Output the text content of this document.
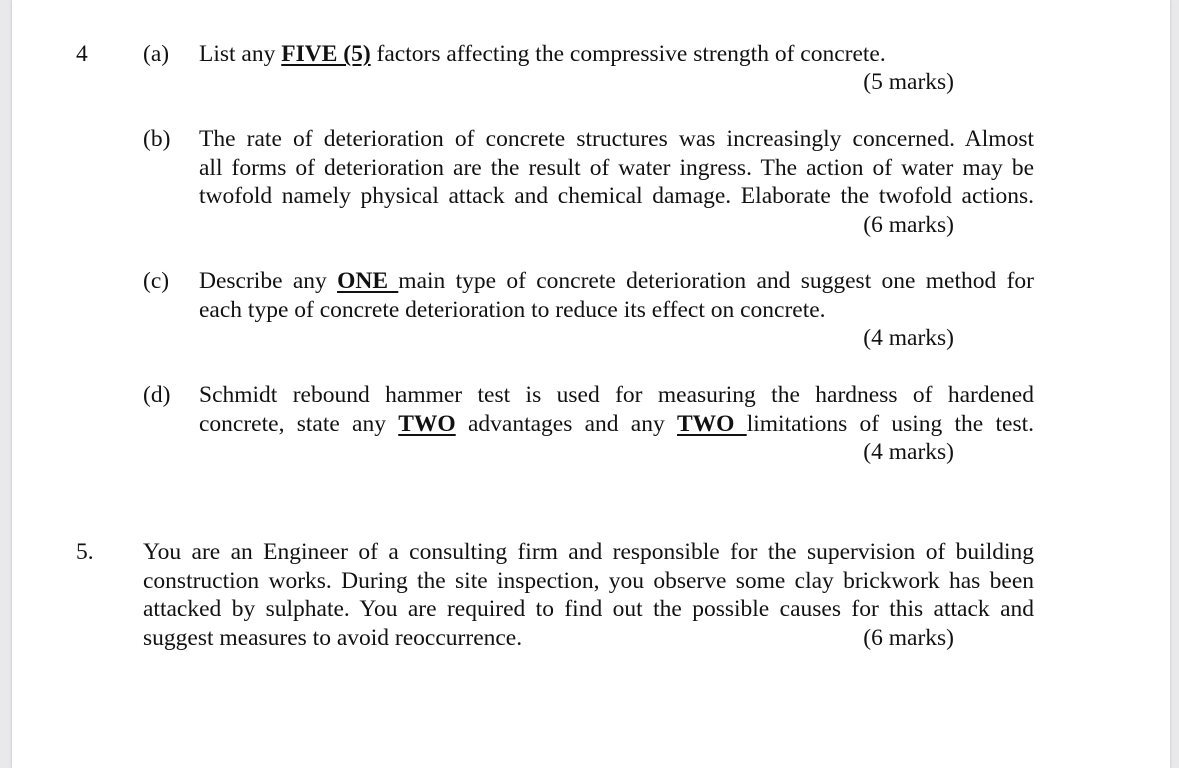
4 (a) List any FIVE (5) factors affecting the compressive strength of concrete.
(5 marks)
(b) The rate of deterioration of concrete structures was increasingly concerned. Almost
all forms of deterioration are the result of water ingress. The action of water may be
twofold namely physical attack and chemical damage. Elaborate the twofold actions.
(6 marks)
(c) Describe any ONE main type of concrete deterioration and suggest one method for
each type of concrete deterioration to reduce its effect on concrete.
(4 marks)
(d) Schmidt rebound hammer test is used for measuring the hardness of hardened
concrete, state any TWO advantages and any TWO limitations of using the test.
(4 marks)
5. You are an Engineer of a consulting firm and responsible for the supervision of building
construction works. During the site inspection, you observe some clay brickwork has been
attacked by sulphate. You are required to find out the possible causes for this attack and
suggest measures to avoid reoccurrence.	(6 marks)
